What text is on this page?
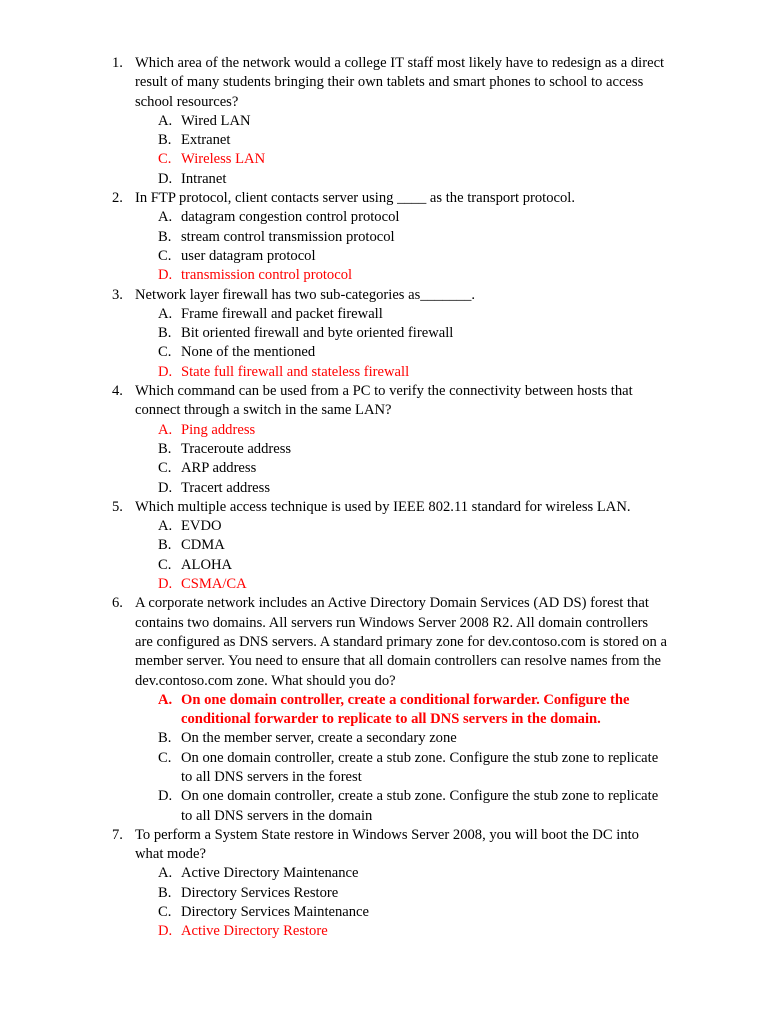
1. Which area of the network would a college IT staff most likely have to redesign as a direct result of many students bringing their own tablets and smart phones to school to access school resources?
A. Wired LAN
B. Extranet
C. Wireless LAN
D. Intranet
2. In FTP protocol, client contacts server using ____ as the transport protocol.
A. datagram congestion control protocol
B. stream control transmission protocol
C. user datagram protocol
D. transmission control protocol
3. Network layer firewall has two sub-categories as_______.
A. Frame firewall and packet firewall
B. Bit oriented firewall and byte oriented firewall
C. None of the mentioned
D. State full firewall and stateless firewall
4. Which command can be used from a PC to verify the connectivity between hosts that connect through a switch in the same LAN?
A. Ping address
B. Traceroute address
C. ARP address
D. Tracert address
5. Which multiple access technique is used by IEEE 802.11 standard for wireless LAN.
A. EVDO
B. CDMA
C. ALOHA
D. CSMA/CA
6. A corporate network includes an Active Directory Domain Services (AD DS) forest that contains two domains. All servers run Windows Server 2008 R2. All domain controllers are configured as DNS servers. A standard primary zone for dev.contoso.com is stored on a member server. You need to ensure that all domain controllers can resolve names from the dev.contoso.com zone. What should you do?
A. On one domain controller, create a conditional forwarder. Configure the conditional forwarder to replicate to all DNS servers in the domain.
B. On the member server, create a secondary zone
C. On one domain controller, create a stub zone. Configure the stub zone to replicate to all DNS servers in the forest
D. On one domain controller, create a stub zone. Configure the stub zone to replicate to all DNS servers in the domain
7. To perform a System State restore in Windows Server 2008, you will boot the DC into what mode?
A. Active Directory Maintenance
B. Directory Services Restore
C. Directory Services Maintenance
D. Active Directory Restore
